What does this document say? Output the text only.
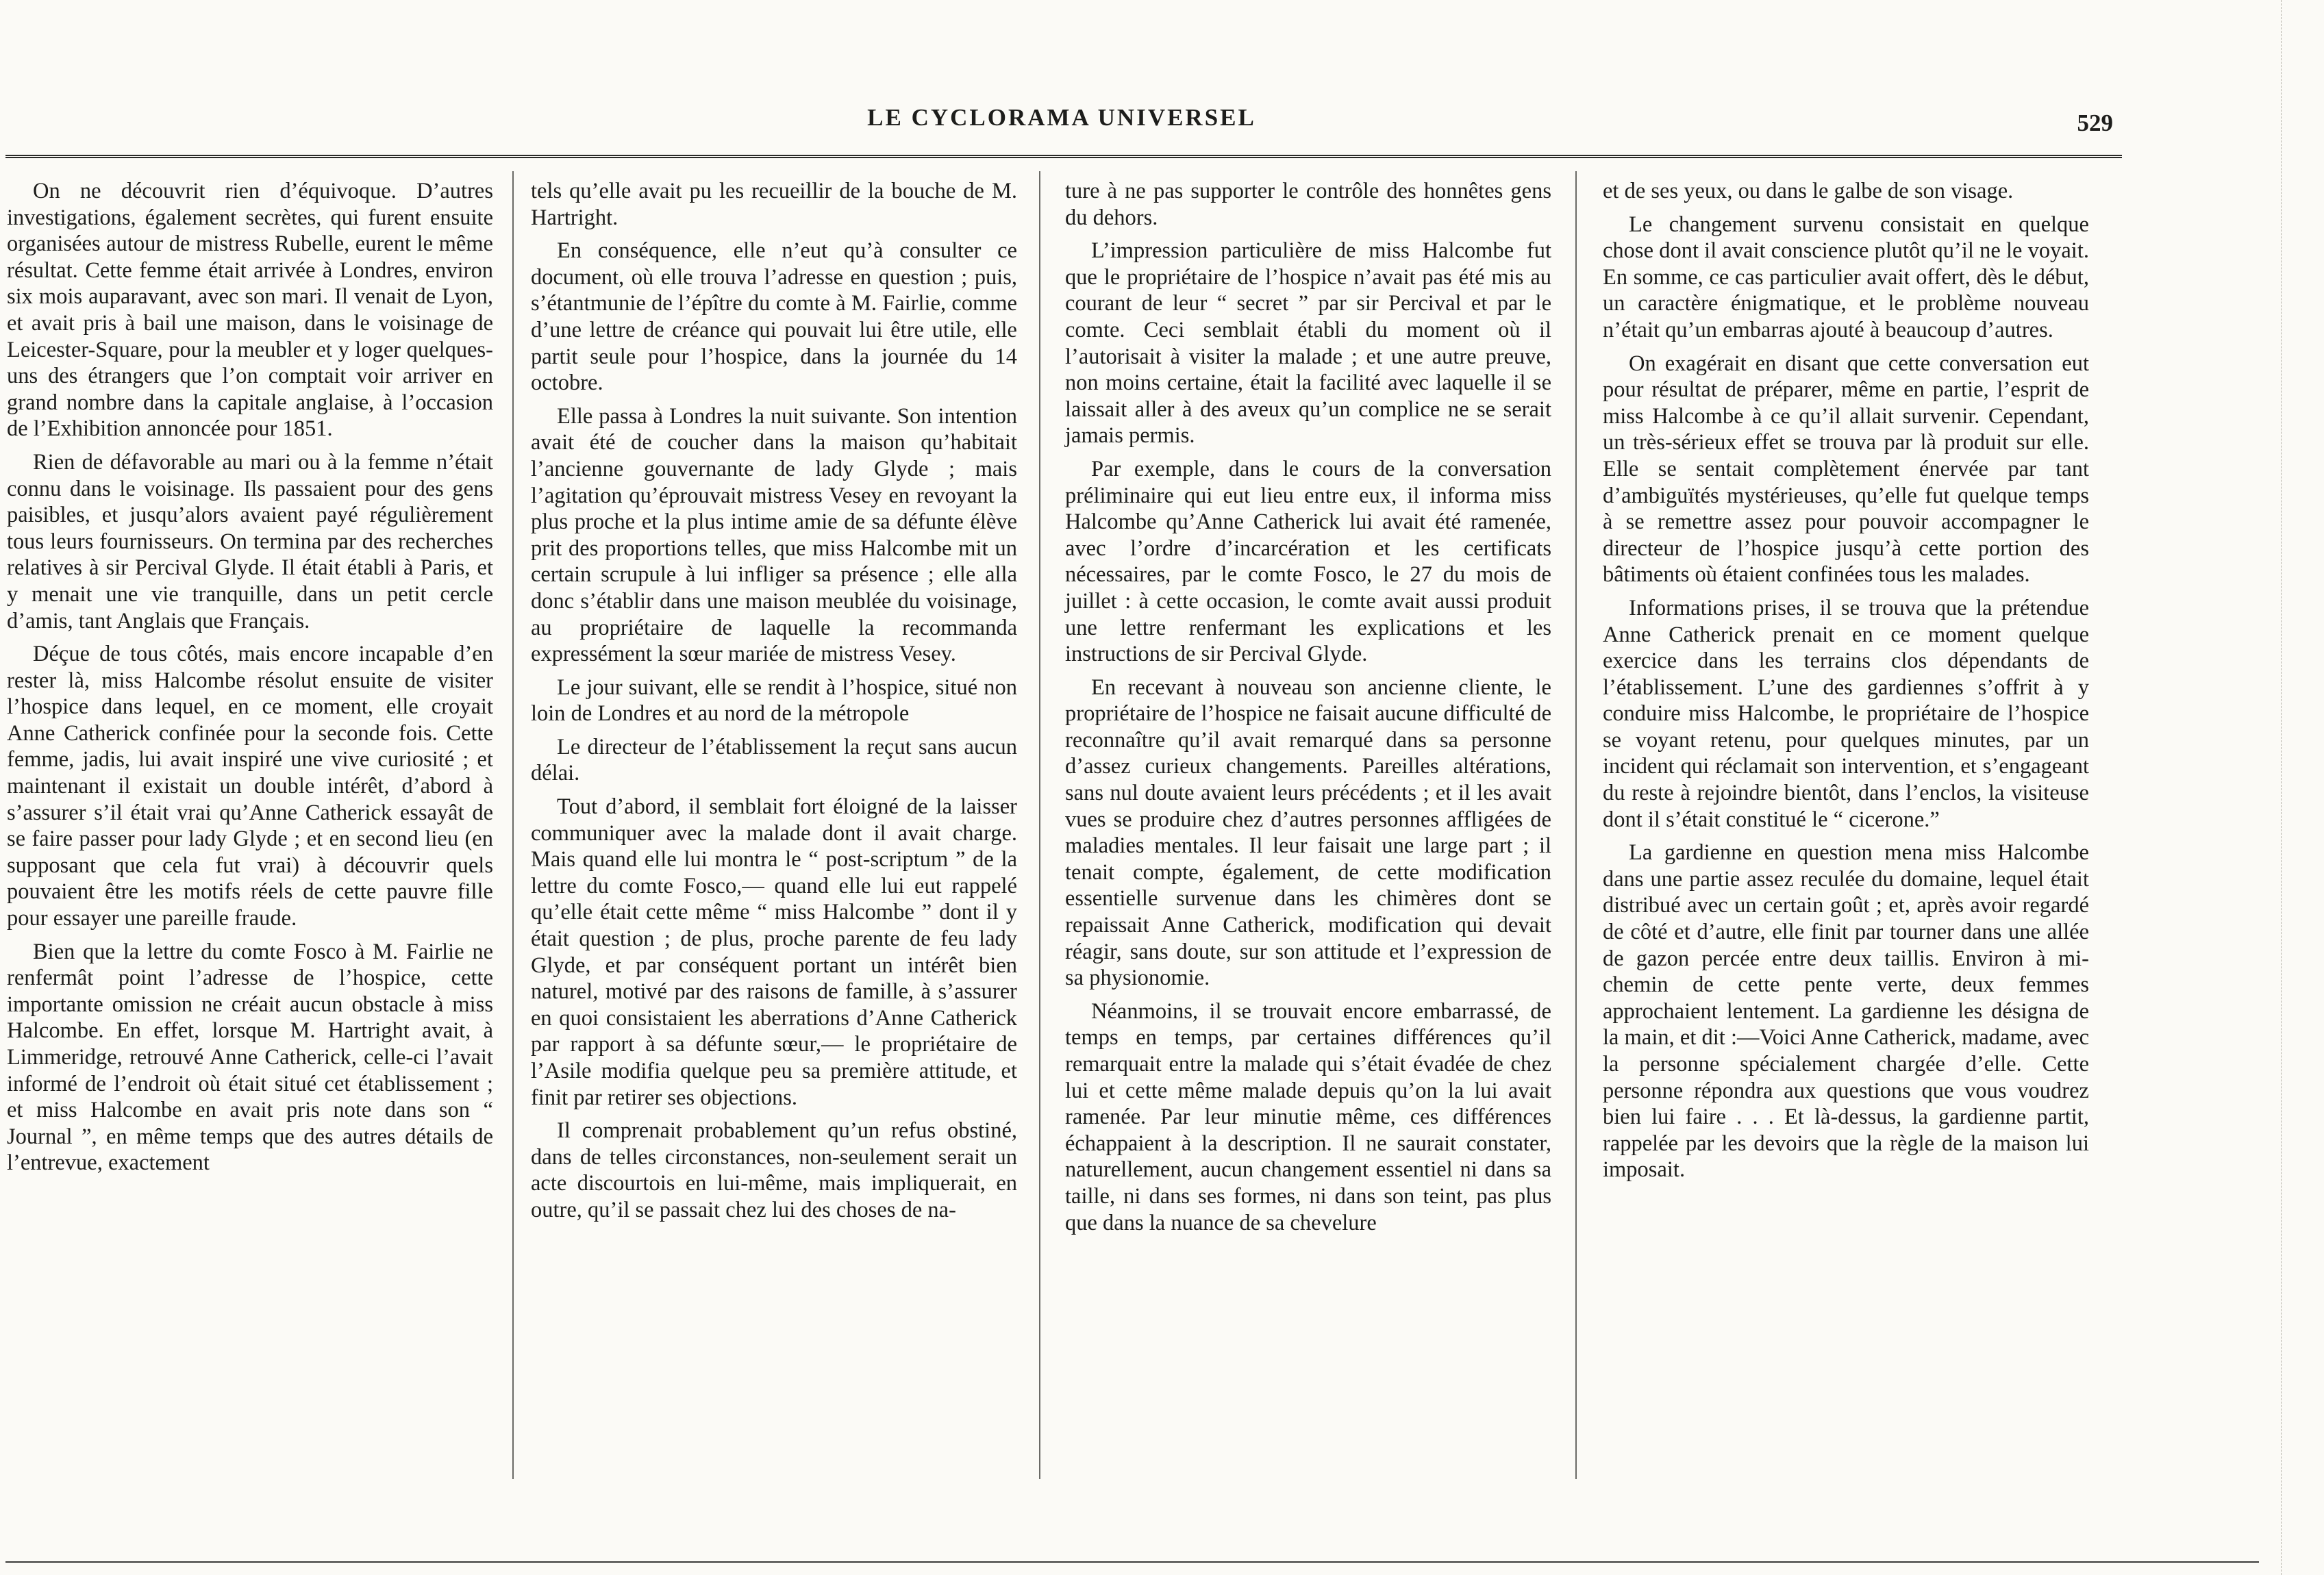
LE CYCLORAMA UNIVERSEL	529

On ne découvrit rien d’équivoque. D’autres investigations, également secrètes, qui furent ensuite organisées autour de mistress Rubelle, eurent le même résultat. Cette femme était arrivée à Londres, environ six mois auparavant, avec son mari. Il venait de Lyon, et avait pris à bail une maison, dans le voisinage de Leicester-Square, pour la meubler et y loger quelques-uns des étrangers que l’on comptait voir arriver en grand nombre dans la capitale anglaise, à l’occasion de l’Exhibition annoncée pour 1851.

Rien de défavorable au mari ou à la femme n’était connu dans le voisinage. Ils passaient pour des gens paisibles, et jusqu’alors avaient payé régulièrement tous leurs fournisseurs. On termina par des recherches relatives à sir Percival Glyde. Il était établi à Paris, et y menait une vie tranquille, dans un petit cercle d’amis, tant Anglais que Français.

Déçue de tous côtés, mais encore incapable d’en rester là, miss Halcombe résolut ensuite de visiter l’hospice dans lequel, en ce moment, elle croyait Anne Catherick confinée pour la seconde fois. Cette femme, jadis, lui avait inspiré une vive curiosité ; et maintenant il existait un double intérêt, d’abord à s’assurer s’il était vrai qu’Anne Catherick essayât de se faire passer pour lady Glyde ; et en second lieu (en supposant que cela fut vrai) à découvrir quels pouvaient être les motifs réels de cette pauvre fille pour essayer une pareille fraude.

Bien que la lettre du comte Fosco à M. Fairlie ne renfermât point l’adresse de l’hospice, cette importante omission ne créait aucun obstacle à miss Halcombe. En effet, lorsque M. Hartright avait, à Limmeridge, retrouvé Anne Catherick, celle-ci l’avait informé de l’endroit où était situé cet établissement ; et miss Halcombe en avait pris note dans son “ Journal ”, en même temps que des autres détails de l’entrevue, exactement

tels qu’elle avait pu les recueillir de la bouche de M. Hartright.

En conséquence, elle n’eut qu’à consulter ce document, où elle trouva l’adresse en question ; puis, s’étantmunie de l’épître du comte à M. Fairlie, comme d’une lettre de créance qui pouvait lui être utile, elle partit seule pour l’hospice, dans la journée du 14 octobre.

Elle passa à Londres la nuit suivante. Son intention avait été de coucher dans la maison qu’habitait l’ancienne gouvernante de lady Glyde ; mais l’agitation qu’éprouvait mistress Vesey en revoyant la plus proche et la plus intime amie de sa défunte élève prit des proportions telles, que miss Halcombe mit un certain scrupule à lui infliger sa présence ; elle alla donc s’établir dans une maison meublée du voisinage, au propriétaire de laquelle la recommanda expressément la sœur mariée de mistress Vesey.

Le jour suivant, elle se rendit à l’hospice, situé non loin de Londres et au nord de la métropole

Le directeur de l’établissement la reçut sans aucun délai.

Tout d’abord, il semblait fort éloigné de la laisser communiquer avec la malade dont il avait charge. Mais quand elle lui montra le “ post-scriptum ” de la lettre du comte Fosco,— quand elle lui eut rappelé qu’elle était cette même “ miss Halcombe ” dont il y était question ; de plus, proche parente de feu lady Glyde, et par conséquent portant un intérêt bien naturel, motivé par des raisons de famille, à s’assurer en quoi consistaient les aberrations d’Anne Catherick par rapport à sa défunte sœur,— le propriétaire de l’Asile modifia quelque peu sa première attitude, et finit par retirer ses objections.

Il comprenait probablement qu’un refus obstiné, dans de telles circonstances, non-seulement serait un acte discourtois en lui-même, mais impliquerait, en outre, qu’il se passait chez lui des choses de na-

ture à ne pas supporter le contrôle des honnêtes gens du dehors.

L’impression particulière de miss Halcombe fut que le propriétaire de l’hospice n’avait pas été mis au courant de leur “ secret ” par sir Percival et par le comte. Ceci semblait établi du moment où il l’autorisait à visiter la malade ; et une autre preuve, non moins certaine, était la facilité avec laquelle il se laissait aller à des aveux qu’un complice ne se serait jamais permis.

Par exemple, dans le cours de la conversation préliminaire qui eut lieu entre eux, il informa miss Halcombe qu’Anne Catherick lui avait été ramenée, avec l’ordre d’incarcération et les certificats nécessaires, par le comte Fosco, le 27 du mois de juillet : à cette occasion, le comte avait aussi produit une lettre renfermant les explications et les instructions de sir Percival Glyde.

En recevant à nouveau son ancienne cliente, le propriétaire de l’hospice ne faisait aucune difficulté de reconnaître qu’il avait remarqué dans sa personne d’assez curieux changements. Pareilles altérations, sans nul doute avaient leurs précédents ; et il les avait vues se produire chez d’autres personnes affligées de maladies mentales. Il leur faisait une large part ; il tenait compte, également, de cette modification essentielle survenue dans les chimères dont se repaissait Anne Catherick, modification qui devait réagir, sans doute, sur son attitude et l’expression de sa physionomie.

Néanmoins, il se trouvait encore embarrassé, de temps en temps, par certaines différences qu’il remarquait entre la malade qui s’était évadée de chez lui et cette même malade depuis qu’on la lui avait ramenée. Par leur minutie même, ces différences échappaient à la description. Il ne saurait constater, naturellement, aucun changement essentiel ni dans sa taille, ni dans ses formes, ni dans son teint, pas plus que dans la nuance de sa chevelure

et de ses yeux, ou dans le galbe de son visage.

Le changement survenu consistait en quelque chose dont il avait conscience plutôt qu’il ne le voyait. En somme, ce cas particulier avait offert, dès le début, un caractère énigmatique, et le problème nouveau n’était qu’un embarras ajouté à beaucoup d’autres.

On exagérait en disant que cette conversation eut pour résultat de préparer, même en partie, l’esprit de miss Halcombe à ce qu’il allait survenir. Cependant, un très-sérieux effet se trouva par là produit sur elle. Elle se sentait complètement énervée par tant d’ambiguïtés mystérieuses, qu’elle fut quelque temps à se remettre assez pour pouvoir accompagner le directeur de l’hospice jusqu’à cette portion des bâtiments où étaient confinées tous les malades.

Informations prises, il se trouva que la prétendue Anne Catherick prenait en ce moment quelque exercice dans les terrains clos dépendants de l’établissement. L’une des gardiennes s’offrit à y conduire miss Halcombe, le propriétaire de l’hospice se voyant retenu, pour quelques minutes, par un incident qui réclamait son intervention, et s’engageant du reste à rejoindre bientôt, dans l’enclos, la visiteuse dont il s’était constitué le “ cicerone.”

La gardienne en question mena miss Halcombe dans une partie assez reculée du domaine, lequel était distribué avec un certain goût ; et, après avoir regardé de côté et d’autre, elle finit par tourner dans une allée de gazon percée entre deux taillis. Environ à mi-chemin de cette pente verte, deux femmes approchaient lentement. La gardienne les désigna de la main, et dit :—Voici Anne Catherick, madame, avec la personne spécialement chargée d’elle. Cette personne répondra aux questions que vous voudrez bien lui faire . . . Et là-dessus, la gardienne partit, rappelée par les devoirs que la règle de la maison lui imposait.
